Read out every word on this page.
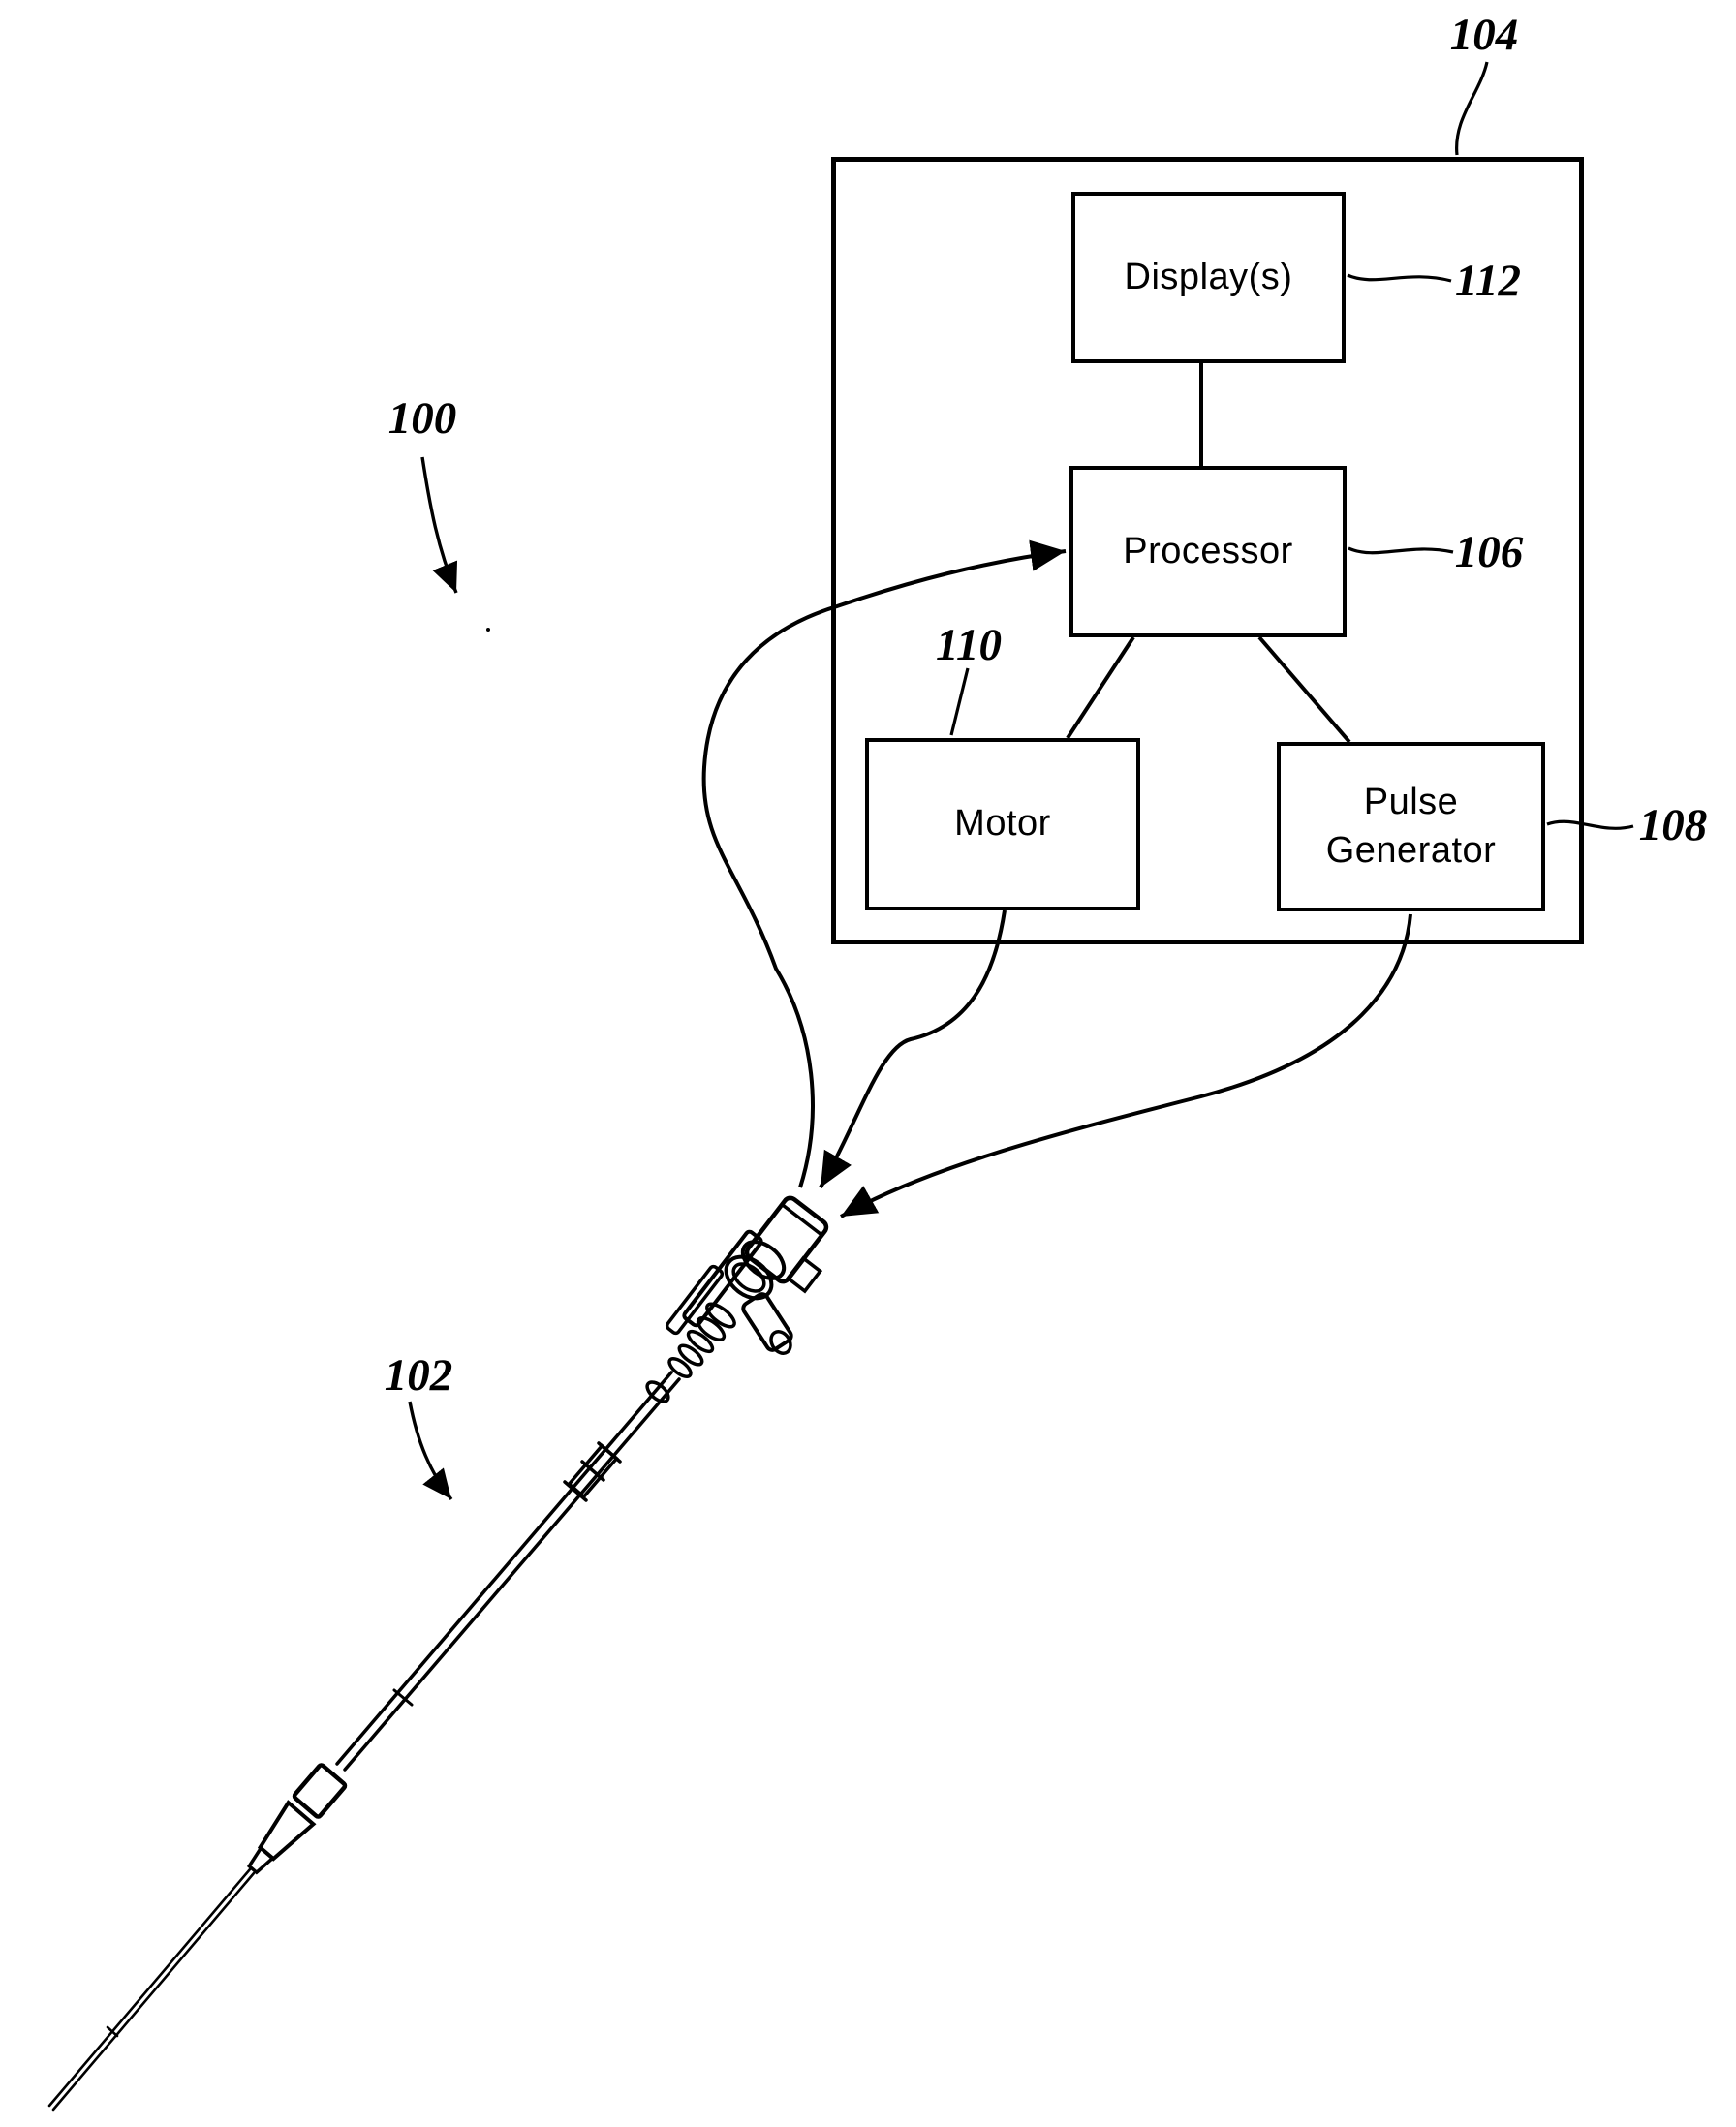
Display(s)
Processor
Motor
Pulse Generator
104
112
106
110
108
100
102
